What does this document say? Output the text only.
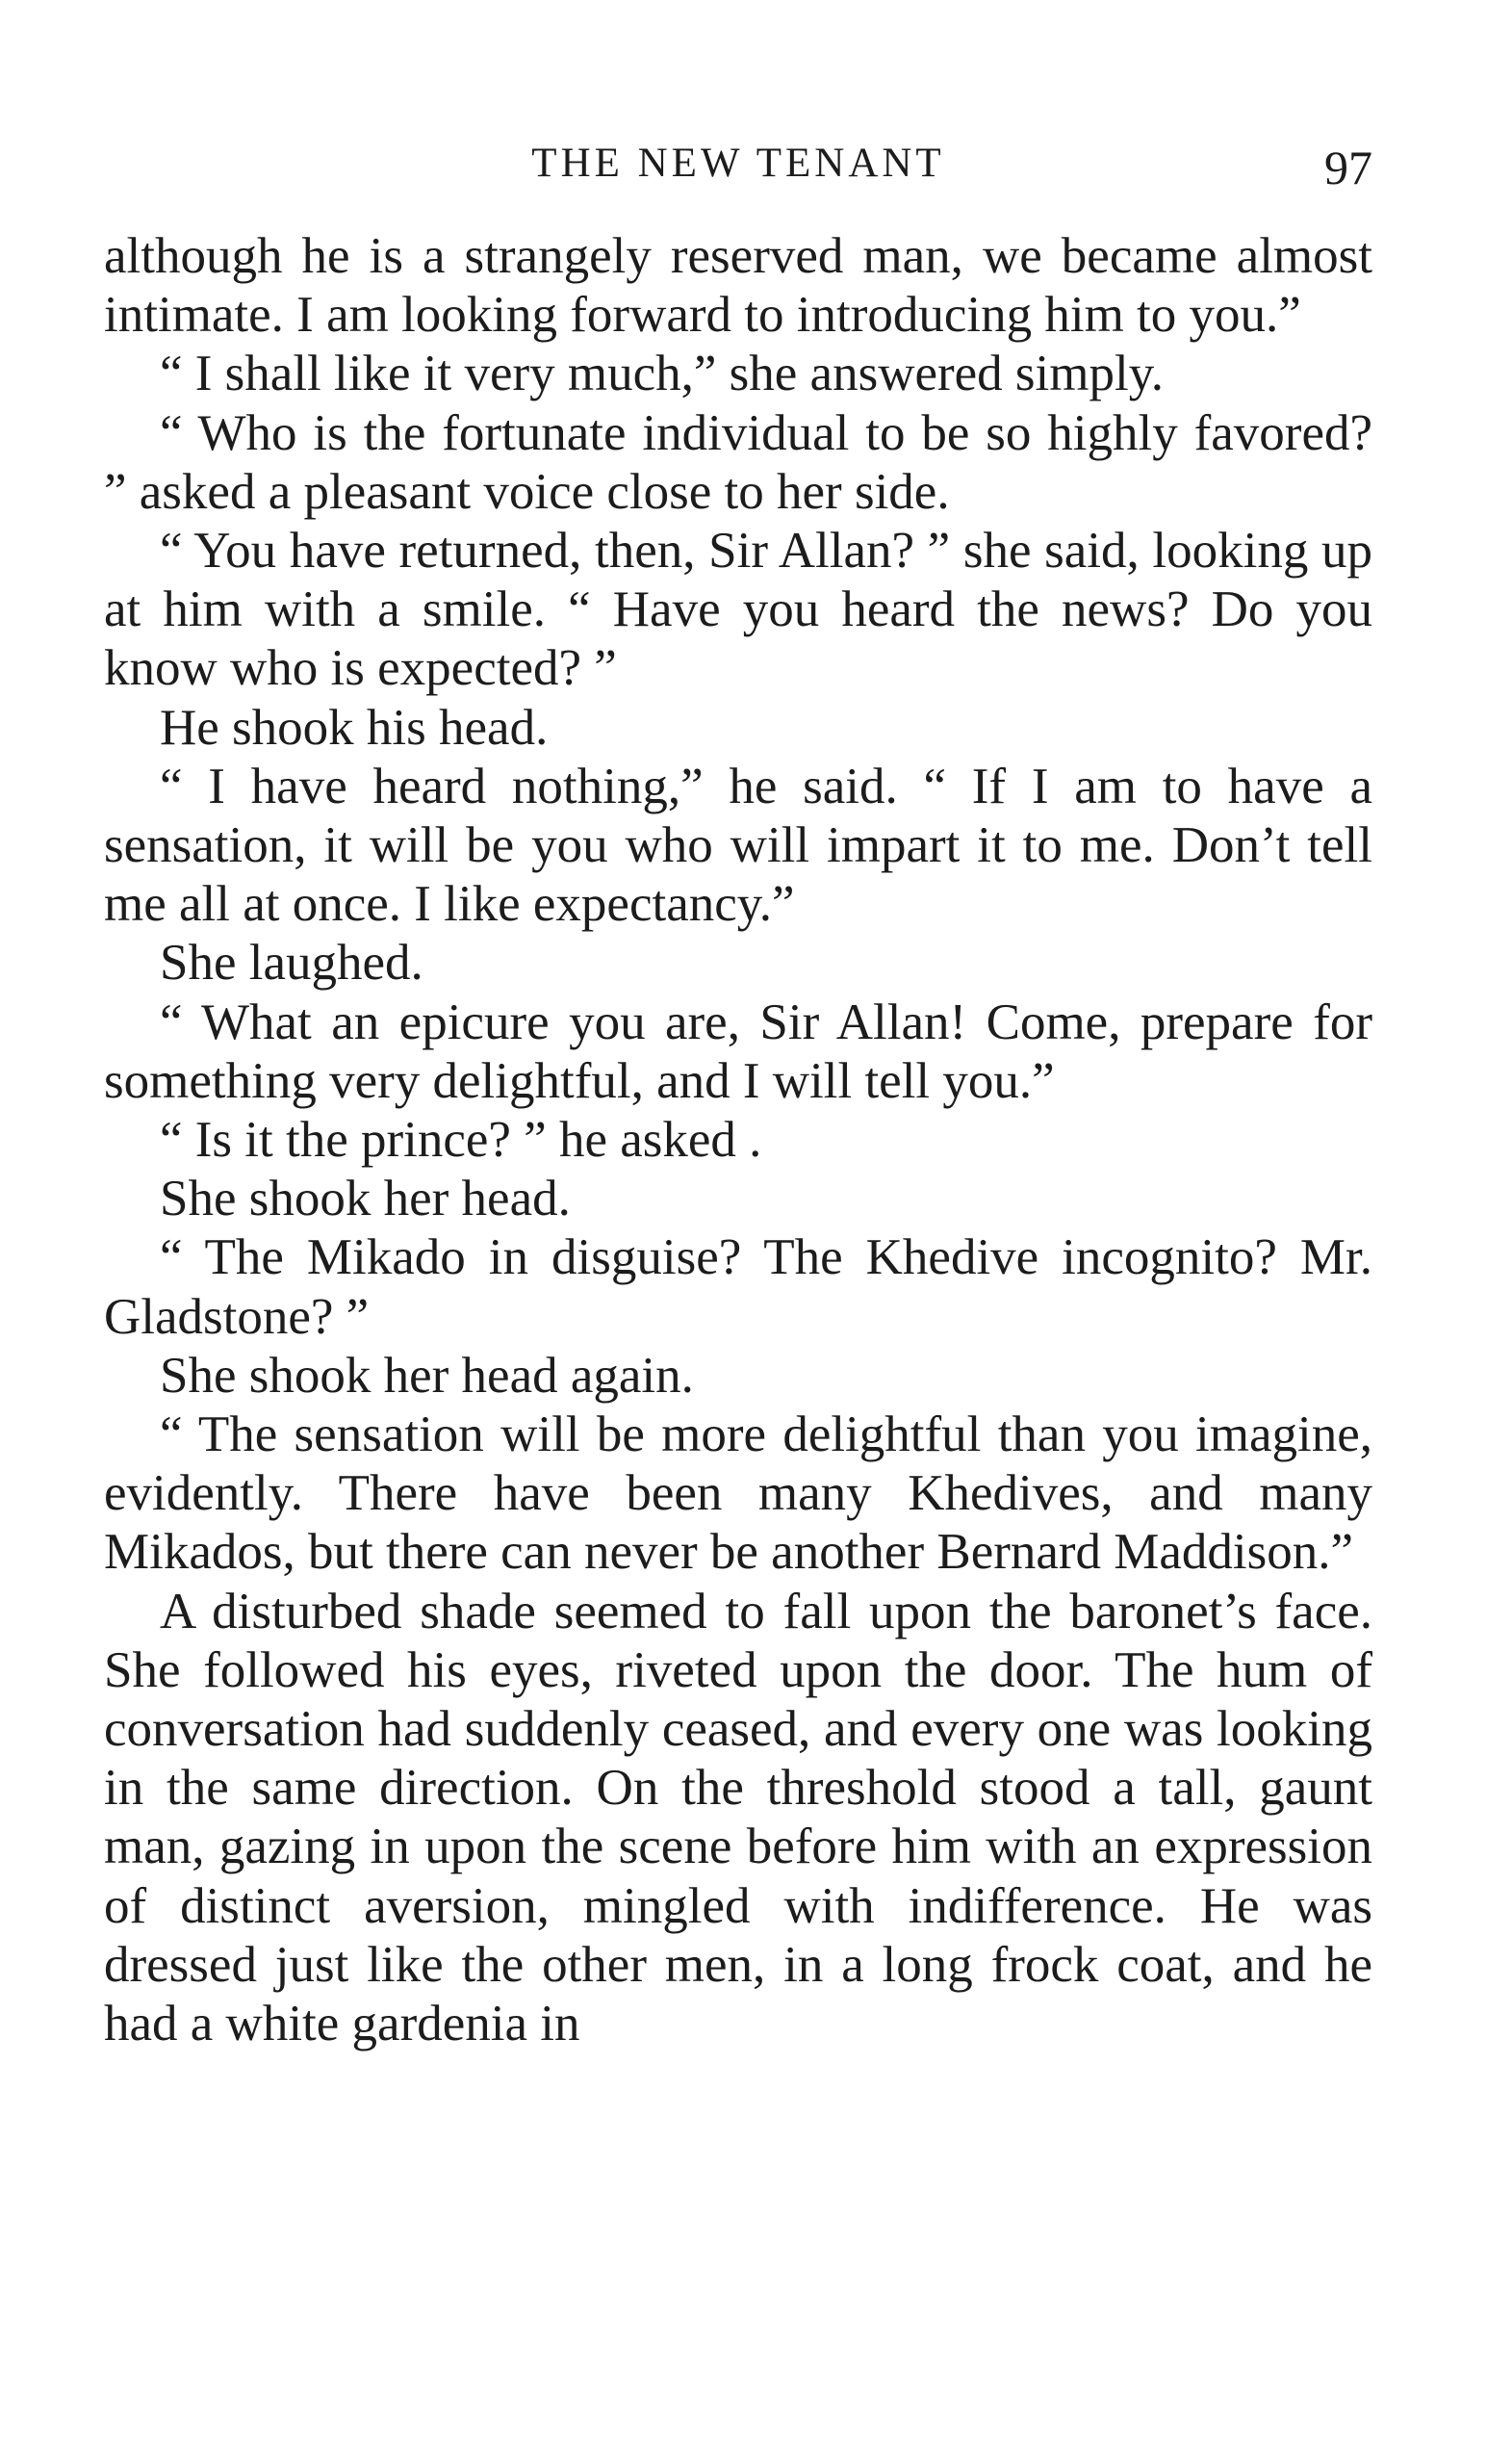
THE NEW TENANT	97

although he is a strangely reserved man, we became almost intimate. I am looking forward to introducing him to you.”

“ I shall like it very much,” she answered simply.

“ Who is the fortunate individual to be so highly favored? ” asked a pleasant voice close to her side.

“ You have returned, then, Sir Allan? ” she said, looking up at him with a smile. “ Have you heard the news? Do you know who is expected? ”

He shook his head.

“ I have heard nothing,” he said. “ If I am to have a sensation, it will be you who will impart it to me. Don’t tell me all at once. I like expectancy.”

She laughed.

“ What an epicure you are, Sir Allan! Come, prepare for something very delightful, and I will tell you.”

“ Is it the prince? ” he asked .

She shook her head.

“ The Mikado in disguise? The Khedive incognito? Mr. Gladstone? ”

She shook her head again.

“ The sensation will be more delightful than you imagine, evidently. There have been many Khedives, and many Mikados, but there can never be another Bernard Maddison.”

A disturbed shade seemed to fall upon the baronet’s face. She followed his eyes, riveted upon the door. The hum of conversation had suddenly ceased, and every one was looking in the same direction. On the threshold stood a tall, gaunt man, gazing in upon the scene before him with an expression of distinct aversion, mingled with indifference. He was dressed just like the other men, in a long frock coat, and he had a white gardenia in
